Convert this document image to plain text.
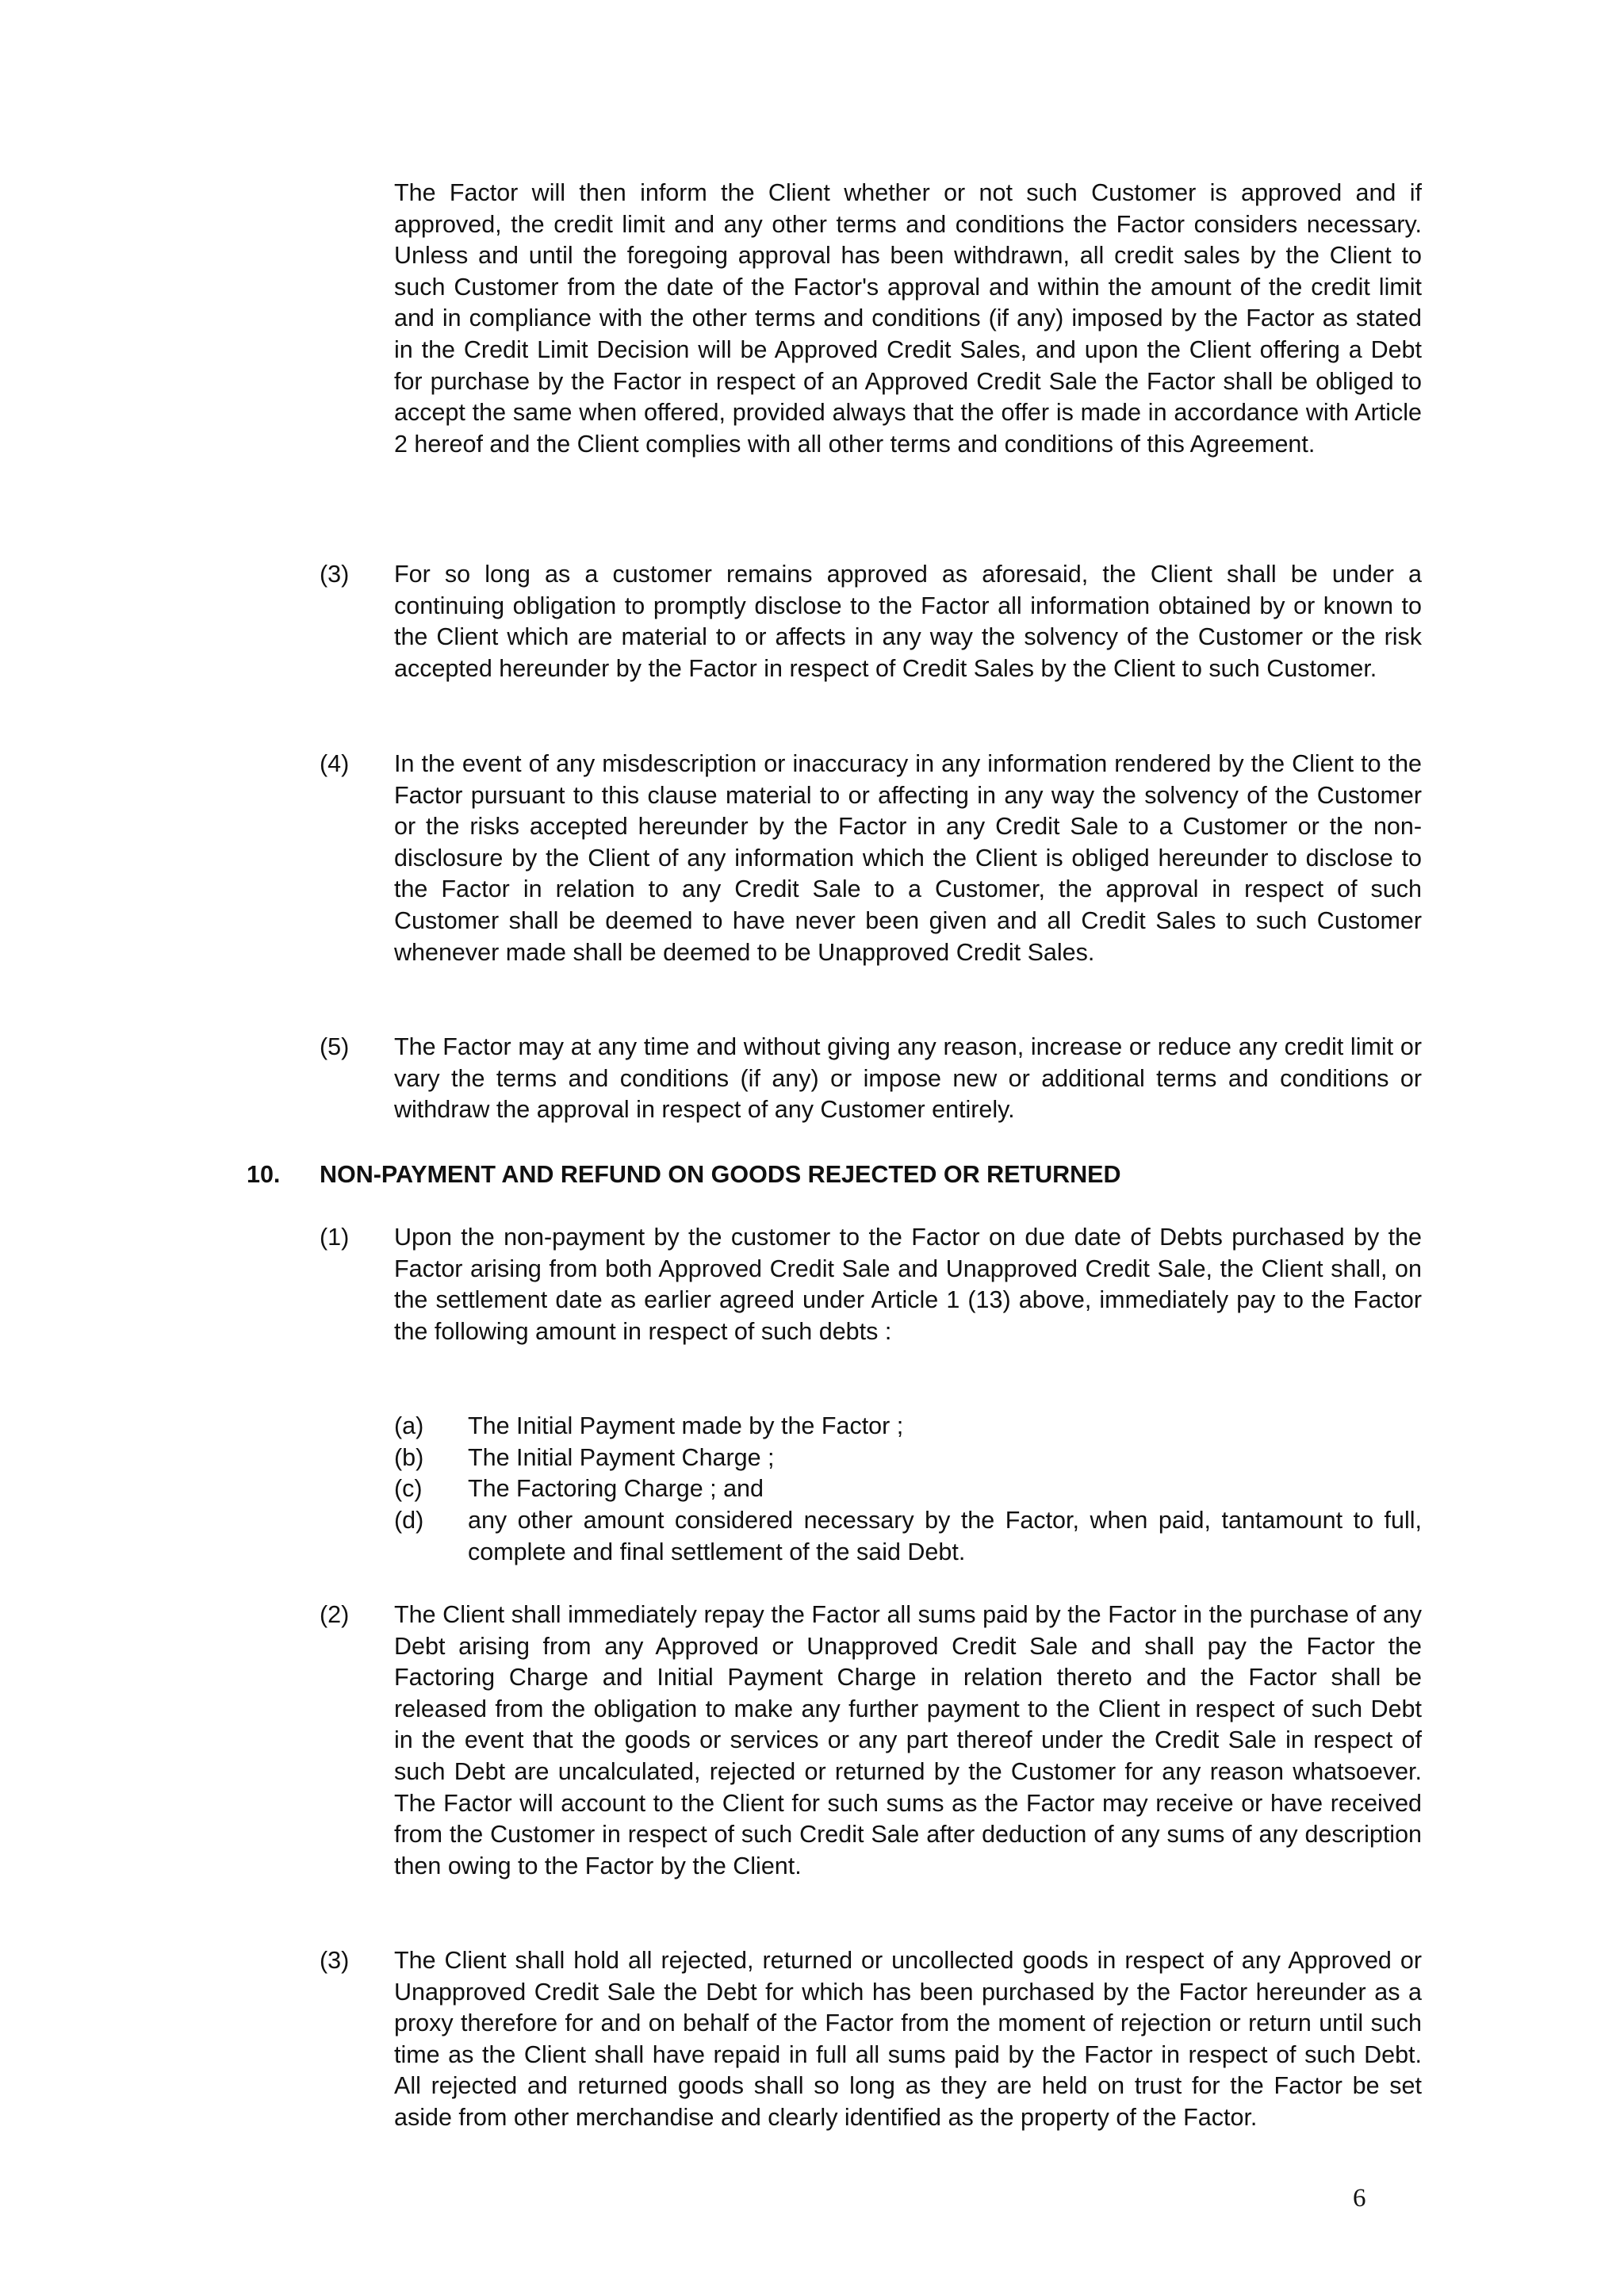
The Factor will then inform the Client whether or not such Customer is approved and if approved, the credit limit and any other terms and conditions the Factor considers necessary. Unless and until the foregoing approval has been withdrawn, all credit sales by the Client to such Customer from the date of the Factor's approval and within the amount of the credit limit and in compliance with the other terms and conditions (if any) imposed by the Factor as stated in the Credit Limit Decision will be Approved Credit Sales, and upon the Client offering a Debt for purchase by the Factor in respect of an Approved Credit Sale the Factor shall be obliged to accept the same when offered, provided always that the offer is made in accordance with Article 2 hereof and the Client complies with all other terms and conditions of this Agreement.
(3) For so long as a customer remains approved as aforesaid, the Client shall be under a continuing obligation to promptly disclose to the Factor all information obtained by or known to the Client which are material to or affects in any way the solvency of the Customer or the risk accepted hereunder by the Factor in respect of Credit Sales by the Client to such Customer.
(4) In the event of any misdescription or inaccuracy in any information rendered by the Client to the Factor pursuant to this clause material to or affecting in any way the solvency of the Customer or the risks accepted hereunder by the Factor in any Credit Sale to a Customer or the non-disclosure by the Client of any information which the Client is obliged hereunder to disclose to the Factor in relation to any Credit Sale to a Customer, the approval in respect of such Customer shall be deemed to have never been given and all Credit Sales to such Customer whenever made shall be deemed to be Unapproved Credit Sales.
(5) The Factor may at any time and without giving any reason, increase or reduce any credit limit or vary the terms and conditions (if any) or impose new or additional terms and conditions or withdraw the approval in respect of any Customer entirely.
10. NON-PAYMENT AND REFUND ON GOODS REJECTED OR RETURNED
(1) Upon the non-payment by the customer to the Factor on due date of Debts purchased by the Factor arising from both Approved Credit Sale and Unapproved Credit Sale, the Client shall, on the settlement date as earlier agreed under Article 1 (13) above, immediately pay to the Factor the following amount in respect of such debts :
(a) The Initial Payment made by the Factor ;
(b) The Initial Payment Charge ;
(c) The Factoring Charge ; and
(d) any other amount considered necessary by the Factor, when paid, tantamount to full, complete and final settlement of the said Debt.
(2) The Client shall immediately repay the Factor all sums paid by the Factor in the purchase of any Debt arising from any Approved or Unapproved Credit Sale and shall pay the Factor the Factoring Charge and Initial Payment Charge in relation thereto and the Factor shall be released from the obligation to make any further payment to the Client in respect of such Debt in the event that the goods or services or any part thereof under the Credit Sale in respect of such Debt are uncalculated, rejected or returned by the Customer for any reason whatsoever. The Factor will account to the Client for such sums as the Factor may receive or have received from the Customer in respect of such Credit Sale after deduction of any sums of any description then owing to the Factor by the Client.
(3) The Client shall hold all rejected, returned or uncollected goods in respect of any Approved or Unapproved Credit Sale the Debt for which has been purchased by the Factor hereunder as a proxy therefore for and on behalf of the Factor from the moment of rejection or return until such time as the Client shall have repaid in full all sums paid by the Factor in respect of such Debt. All rejected and returned goods shall so long as they are held on trust for the Factor be set aside from other merchandise and clearly identified as the property of the Factor.
6
